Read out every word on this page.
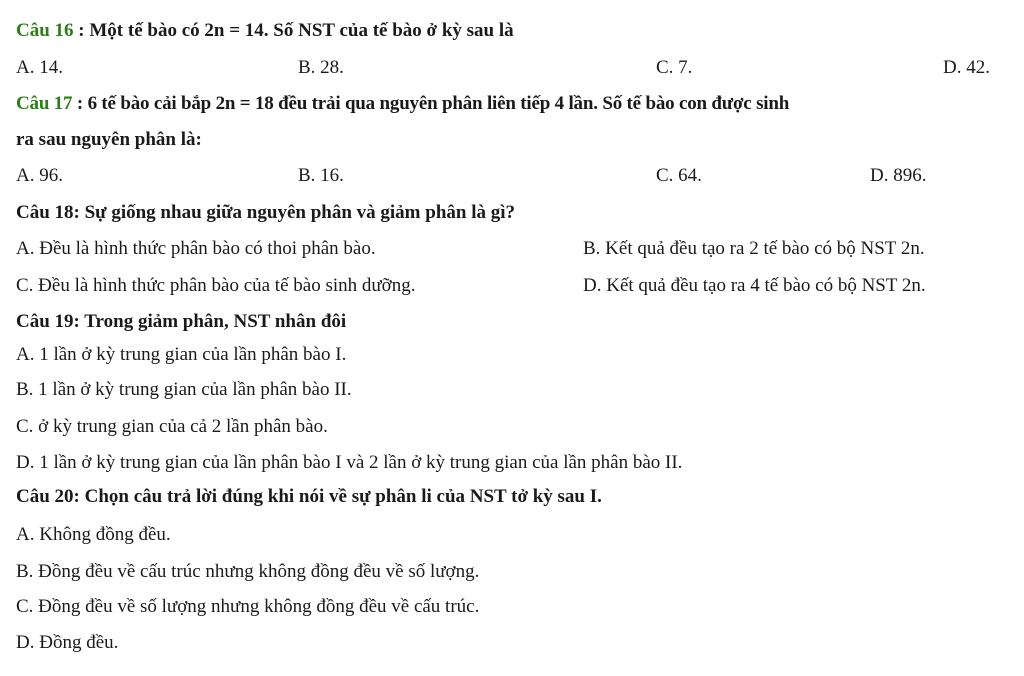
Câu 16 : Một tế bào có 2n = 14. Số NST của tế bào ở kỳ sau là
A. 14.	B. 28.	C. 7.	D. 42.
Câu 17 : 6 tế bào cải bắp 2n = 18 đều trải qua nguyên phân liên tiếp 4 lần. Số tế bào con được sinh
ra sau nguyên phân là:
A. 96.	B. 16.	C. 64.	D. 896.
Câu 18: Sự giống nhau giữa nguyên phân và giảm phân là gì?
A. Đều là hình thức phân bào có thoi phân bào.	B. Kết quả đều tạo ra 2 tế bào có bộ NST 2n.
C. Đều là hình thức phân bào của tế bào sinh dưỡng.	D. Kết quả đều tạo ra 4 tế bào có bộ NST 2n.
Câu 19: Trong giảm phân, NST nhân đôi
A. 1 lần ở kỳ trung gian của lần phân bào I.
B. 1 lần ở kỳ trung gian của lần phân bào II.
C. ở kỳ trung gian của cả 2 lần phân bào.
D. 1 lần ở kỳ trung gian của lần phân bào I và 2 lần ở kỳ trung gian của lần phân bào II.
Câu 20: Chọn câu trả lời đúng khi nói về sự phân li của NST tở kỳ sau I.
A. Không đồng đều.
B. Đồng đều về cấu trúc nhưng không đồng đều về số lượng.
C. Đồng đều về số lượng nhưng không đồng đều về cấu trúc.
D. Đồng đều.
